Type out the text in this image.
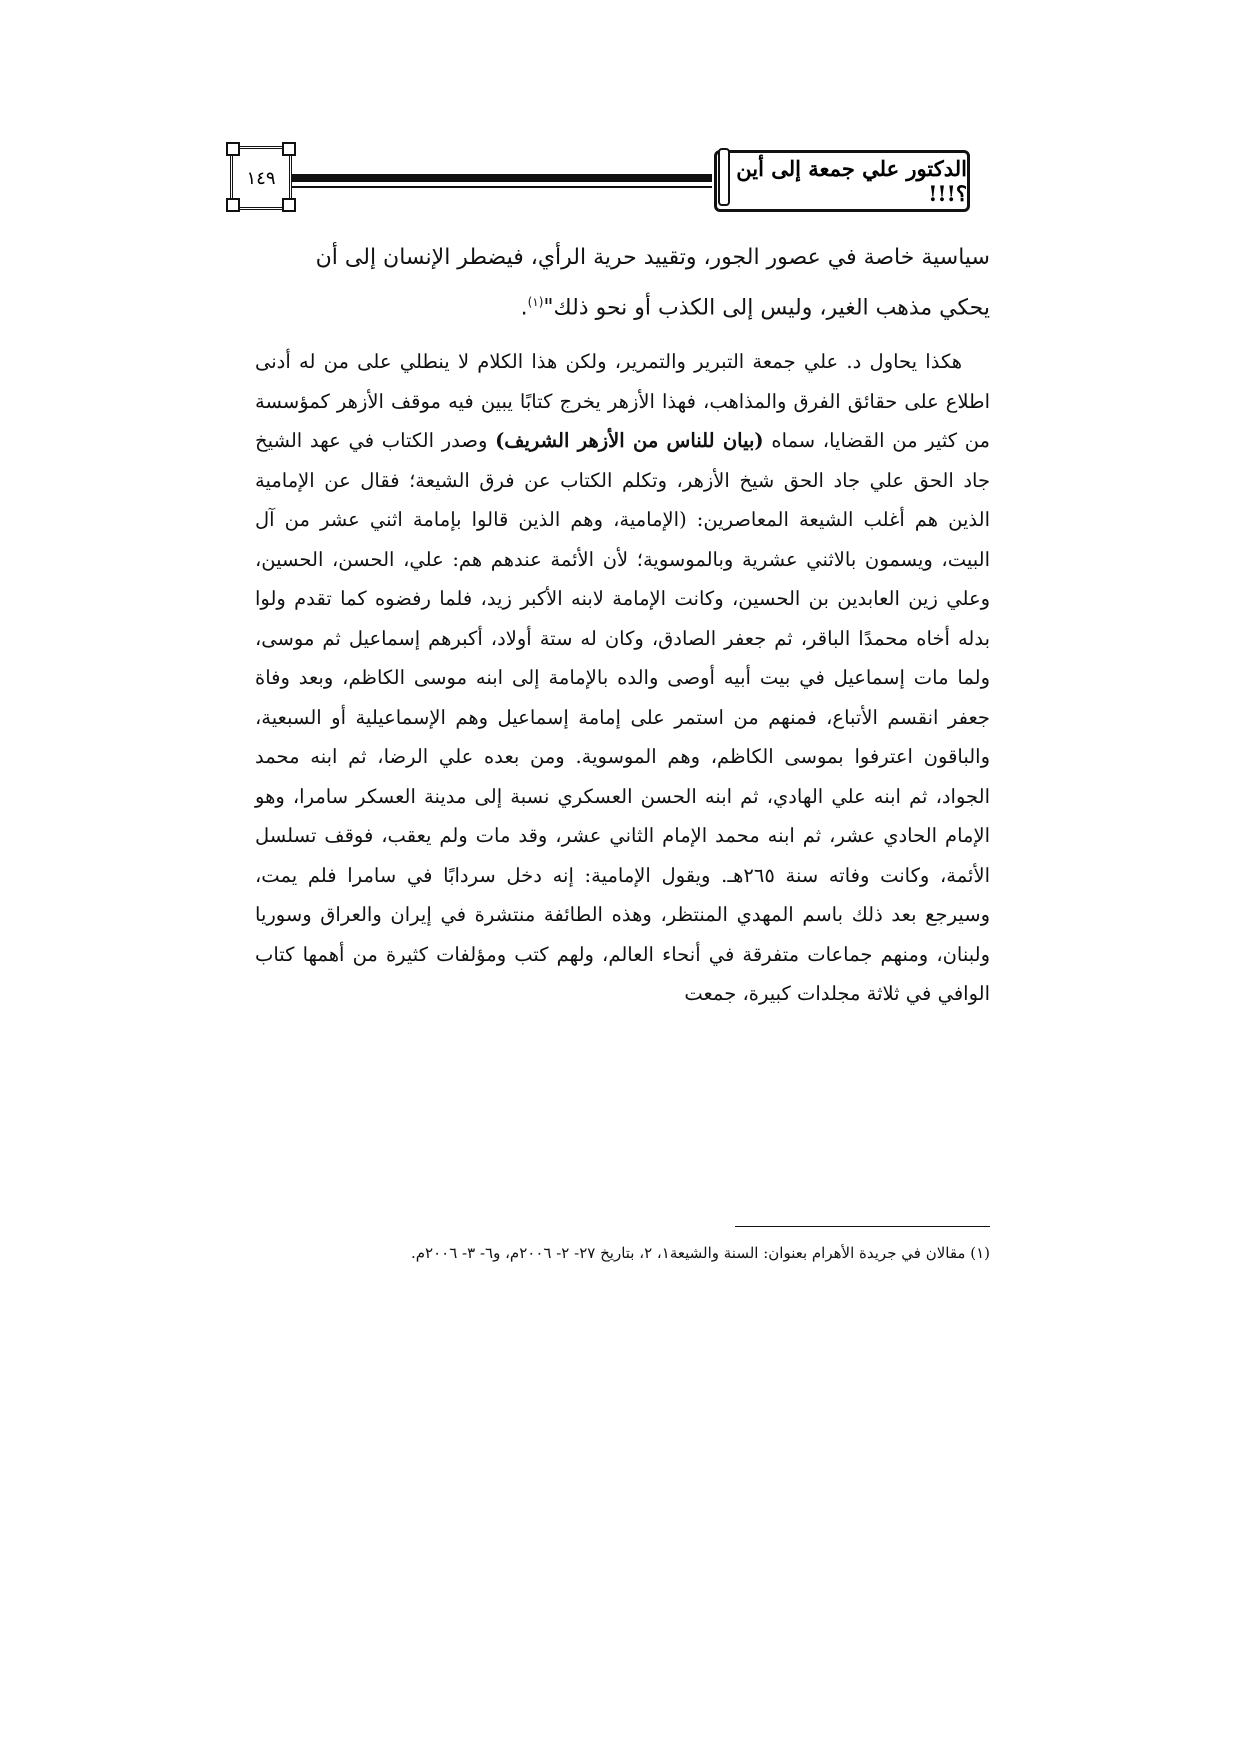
الدكتور علي جمعة إلى أين ؟!!!
١٤٩
سياسية خاصة في عصور الجور، وتقييد حرية الرأي، فيضطر الإنسان إلى أن
يحكي مذهب الغير، وليس إلى الكذب أو نحو ذلك"$^{(١)}$.

هكذا يحاول د. علي جمعة التبرير والتمرير، ولكن هذا الكلام لا ينطلي على من له أدنى اطلاع على حقائق الفرق والمذاهب، فهذا الأزهر يخرج كتابًا يبين فيه موقف الأزهر كمؤسسة من كثير من القضايا، سماه (بيان للناس من الأزهر الشريف) وصدر الكتاب في عهد الشيخ جاد الحق علي جاد الحق شيخ الأزهر، وتكلم الكتاب عن فرق الشيعة؛ فقال عن الإمامية الذين هم أغلب الشيعة المعاصرين: (الإمامية، وهم الذين قالوا بإمامة اثني عشر من آل البيت، ويسمون بالاثني عشرية وبالموسوية؛ لأن الأئمة عندهم هم: علي، الحسن، الحسين، وعلي زين العابدين بن الحسين، وكانت الإمامة لابنه الأكبر زيد، فلما رفضوه كما تقدم ولوا بدله أخاه محمدًا الباقر، ثم جعفر الصادق، وكان له ستة أولاد، أكبرهم إسماعيل ثم موسى، ولما مات إسماعيل في بيت أبيه أوصى والده بالإمامة إلى ابنه موسى الكاظم، وبعد وفاة جعفر انقسم الأتباع، فمنهم من استمر على إمامة إسماعيل وهم الإسماعيلية أو السبعية، والباقون اعترفوا بموسى الكاظم، وهم الموسوية. ومن بعده علي الرضا، ثم ابنه محمد الجواد، ثم ابنه علي الهادي، ثم ابنه الحسن العسكري نسبة إلى مدينة العسكر سامرا، وهو الإمام الحادي عشر، ثم ابنه محمد الإمام الثاني عشر، وقد مات ولم يعقب، فوقف تسلسل الأئمة، وكانت وفاته سنة ٢٦٥هـ. ويقول الإمامية: إنه دخل سردابًا في سامرا فلم يمت، وسيرجع بعد ذلك باسم المهدي المنتظر، وهذه الطائفة منتشرة في إيران والعراق وسوريا ولبنان، ومنهم جماعات متفرقة في أنحاء العالم، ولهم كتب ومؤلفات كثيرة من أهمها كتاب الوافي في ثلاثة مجلدات كبيرة، جمعت

(١) مقالان في جريدة الأهرام بعنوان: السنة والشيعة١، ٢، بتاريخ ٢٧- ٢- ٢٠٠٦م، و٦- ٣- ٢٠٠٦م.
